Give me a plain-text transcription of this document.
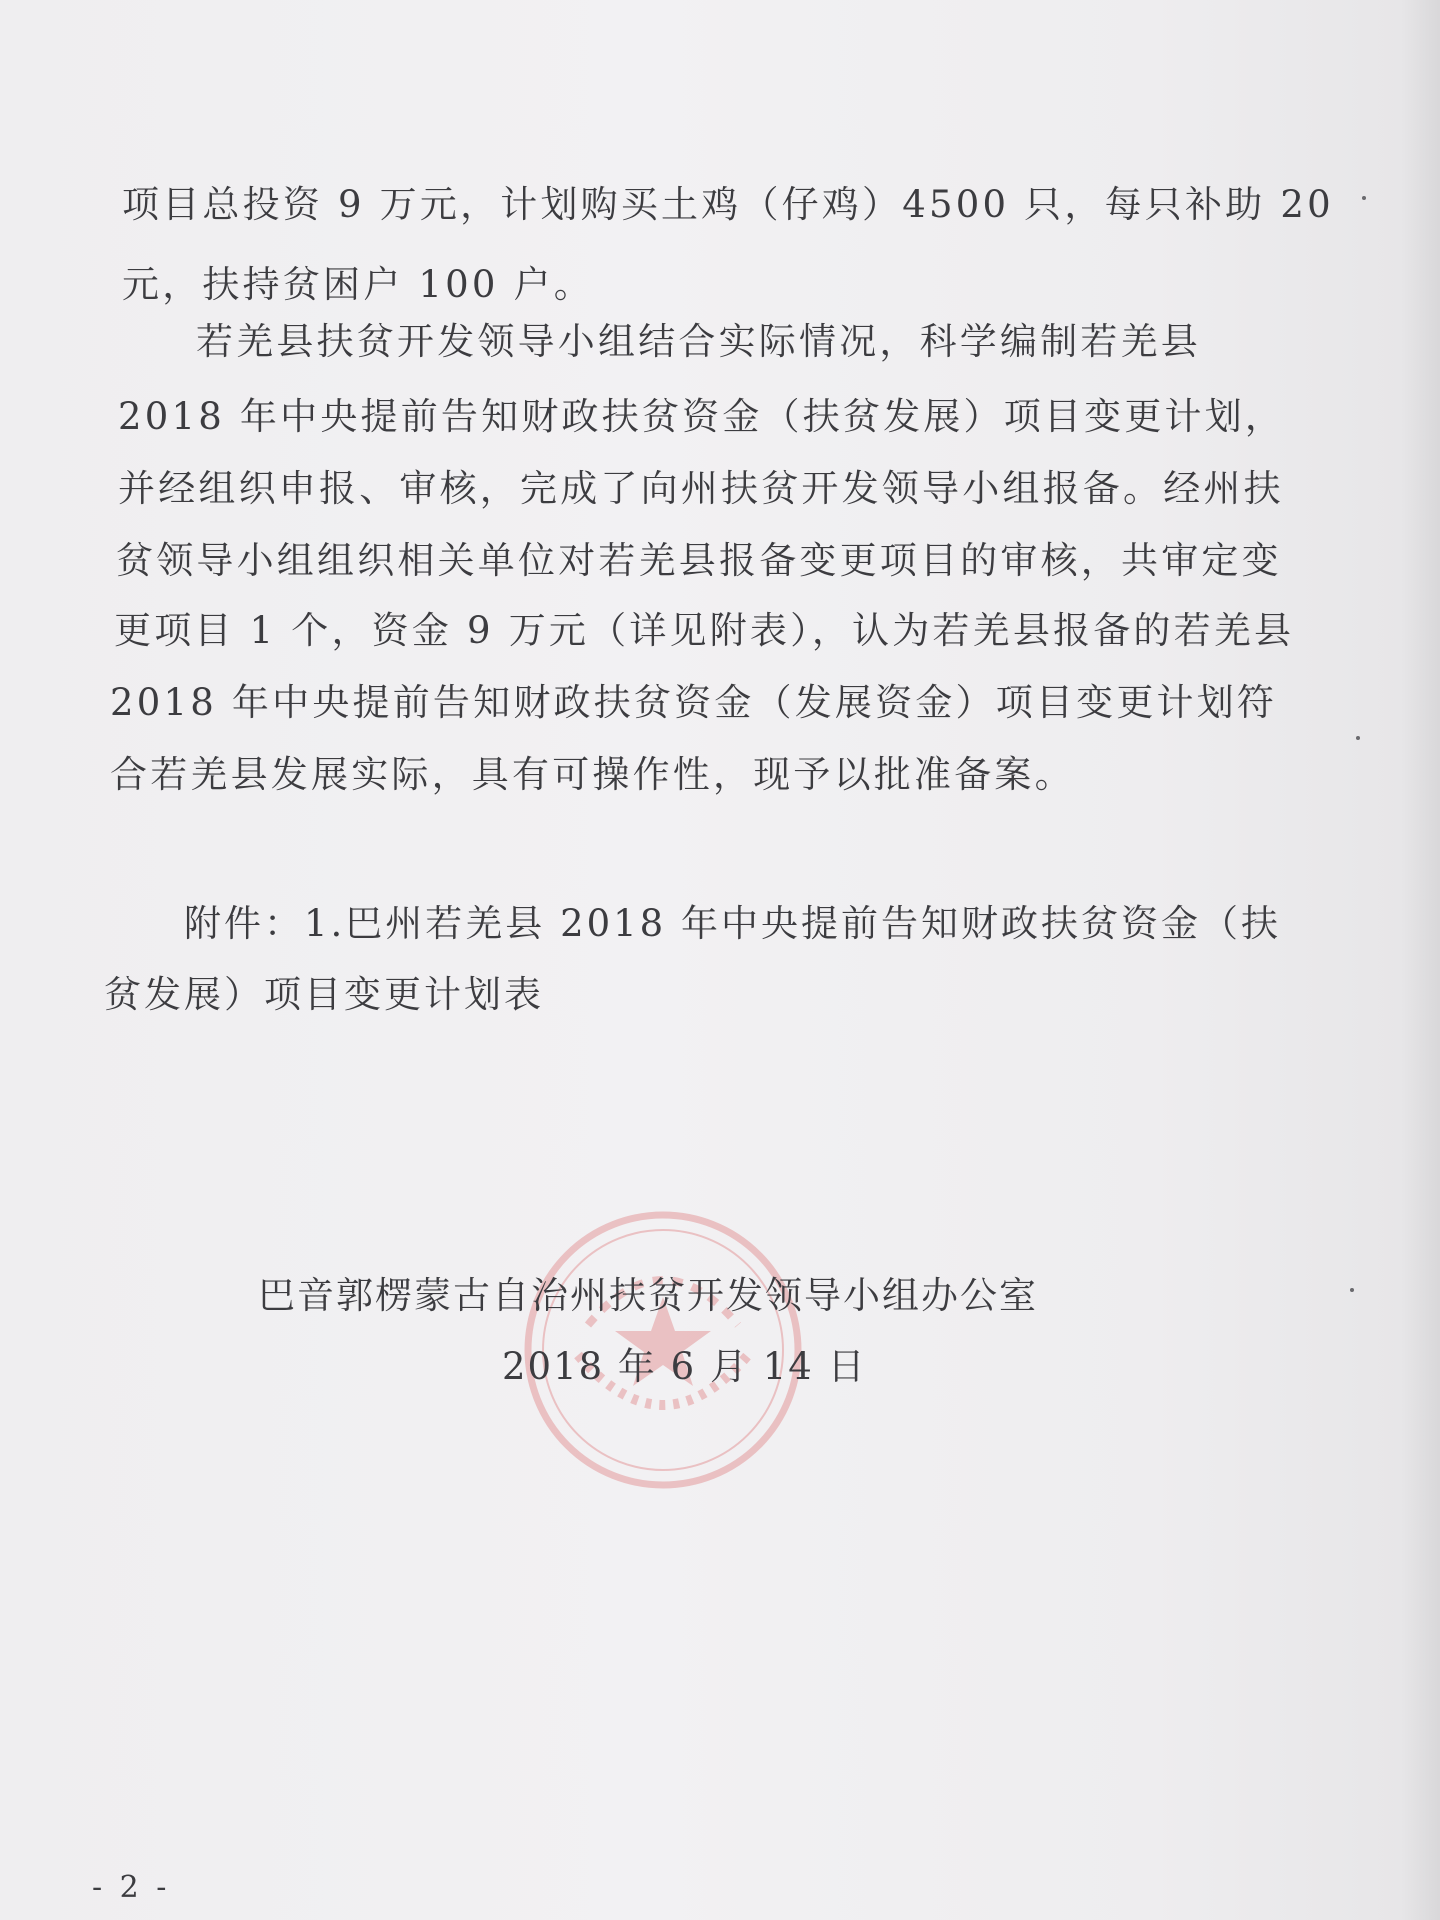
项目总投资 9 万元，计划购买土鸡（仔鸡）4500 只，每只补助 20
元，扶持贫困户 100 户。
若羌县扶贫开发领导小组结合实际情况，科学编制若羌县
2018 年中央提前告知财政扶贫资金（扶贫发展）项目变更计划，
并经组织申报、审核，完成了向州扶贫开发领导小组报备。经州扶
贫领导小组组织相关单位对若羌县报备变更项目的审核，共审定变
更项目 1 个，资金 9 万元（详见附表），认为若羌县报备的若羌县
2018 年中央提前告知财政扶贫资金（发展资金）项目变更计划符
合若羌县发展实际，具有可操作性，现予以批准备案。
附件：1.巴州若羌县 2018 年中央提前告知财政扶贫资金（扶
贫发展）项目变更计划表
巴音郭楞蒙古自治州扶贫开发领导小组办公室
2018 年 6 月 14 日
- 2 -
